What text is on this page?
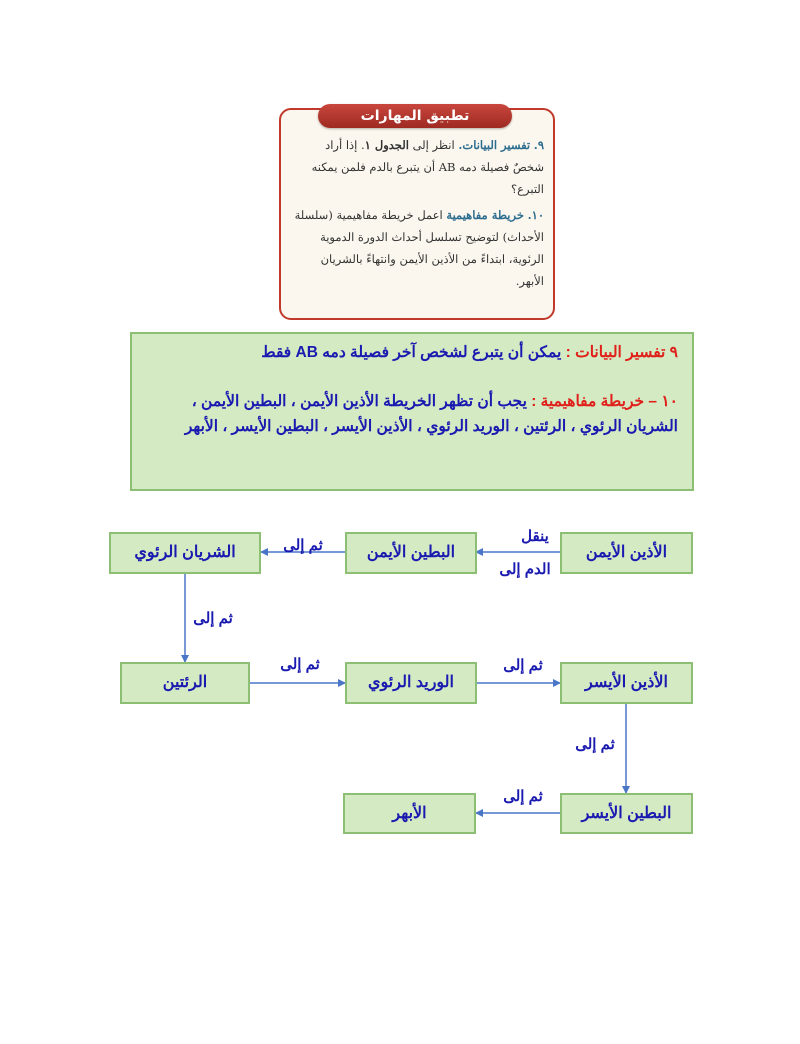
تطبيق المهارات

٩. تفسير البيانات. انظر إلى الجدول ١. إذا أراد شخصٌ فصيلة دمه AB أن يتبرع بالدم فلمن يمكنه التبرع؟

١٠. خريطة مفاهيمية اعمل خريطة مفاهيمية (سلسلة الأحداث) لتوضيح تسلسل أحداث الدورة الدموية الرئوية، ابتداءً من الأذين الأيمن وانتهاءً بالشريان الأبهر.

٩ تفسير البيانات : يمكن أن يتبرع لشخص آخر فصيلة دمه AB فقط

١٠ – خريطة مفاهيمية : يجب أن تظهر الخريطة الأذين الأيمن ، البطين الأيمن ، الشريان الرئوي ، الرئتين ، الوريد الرئوي ، الأذين الأيسر ، البطين الأيسر ، الأبهر

الأذين الأيمن
البطين الأيمن
الشريان الرئوي
الرئتين	الوريد الرئوي	الأذين الأيسر
البطين الأيسر
الأبهر
ينقل
الدم إلى
ثم إلى
ثم إلى
ثم إلى	ثم إلى
ثم إلى
ثم إلى
